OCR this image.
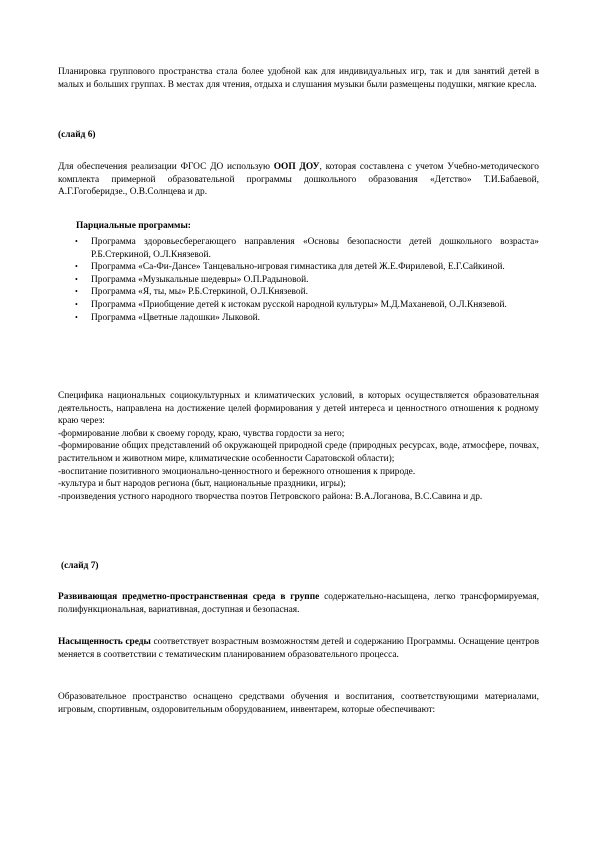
Планировка группового пространства стала более удобной как для индивидуальных игр, так и для занятий детей в малых и больших группах. В местах для чтения, отдыха и слушания музыки были размещены подушки, мягкие кресла.

(слайд 6)

Для обеспечения реализации ФГОС ДО использую ООП ДОУ, которая составлена с учетом Учебно-методического комплекта примерной образовательной программы дошкольного образования «Детство» Т.И.Бабаевой, А.Г.Гогоберидзе., О.В.Солнцева и др.

Парциальные программы:

• Программа здоровьесберегающего направления «Основы безопасности детей дошкольного возраста» Р.Б.Стеркиной, О.Л.Князевой.
• Программа «Са-Фи-Дансе» Танцевально-игровая гимнастика для детей Ж.Е.Фирилевой, Е.Г.Сайкиной.
• Программа «Музыкальные шедевры» О.П.Радыновой.
• Программа «Я, ты, мы» Р.Б.Стеркиной, О.Л.Князевой.
• Программа «Приобщение детей к истокам русской народной культуры» М.Д.Маханевой, О.Л.Князевой.
• Программа «Цветные ладошки» Лыковой.

Специфика национальных социокультурных и климатических условий, в которых осуществляется образовательная деятельность, направлена на достижение целей формирования у детей интереса и ценностного отношения к родному краю через:

-формирование любви к своему городу, краю, чувства гордости за него;

-формирование общих представлений об окружающей природной среде (природных ресурсах, воде, атмосфере, почвах, растительном и животном мире, климатические особенности Саратовской области);

-воспитание позитивного эмоционально-ценностного и бережного отношения к природе.

-культура и быт народов региона (быт, национальные праздники, игры);

-произведения устного народного творчества поэтов Петровского района: В.А.Логанова, В.С.Савина и др.

(слайд 7)

Развивающая предметно-пространственная среда в группе содержательно-насыщена, легко трансформируемая, полифункциональная, вариативная, доступная и безопасная.

Насыщенность среды соответствует возрастным возможностям детей и содержанию Программы. Оснащение центров меняется в соответствии с тематическим планированием образовательного процесса.

Образовательное пространство оснащено средствами обучения и воспитания, соответствующими материалами, игровым, спортивным, оздоровительным оборудованием, инвентарем, которые обеспечивают:
